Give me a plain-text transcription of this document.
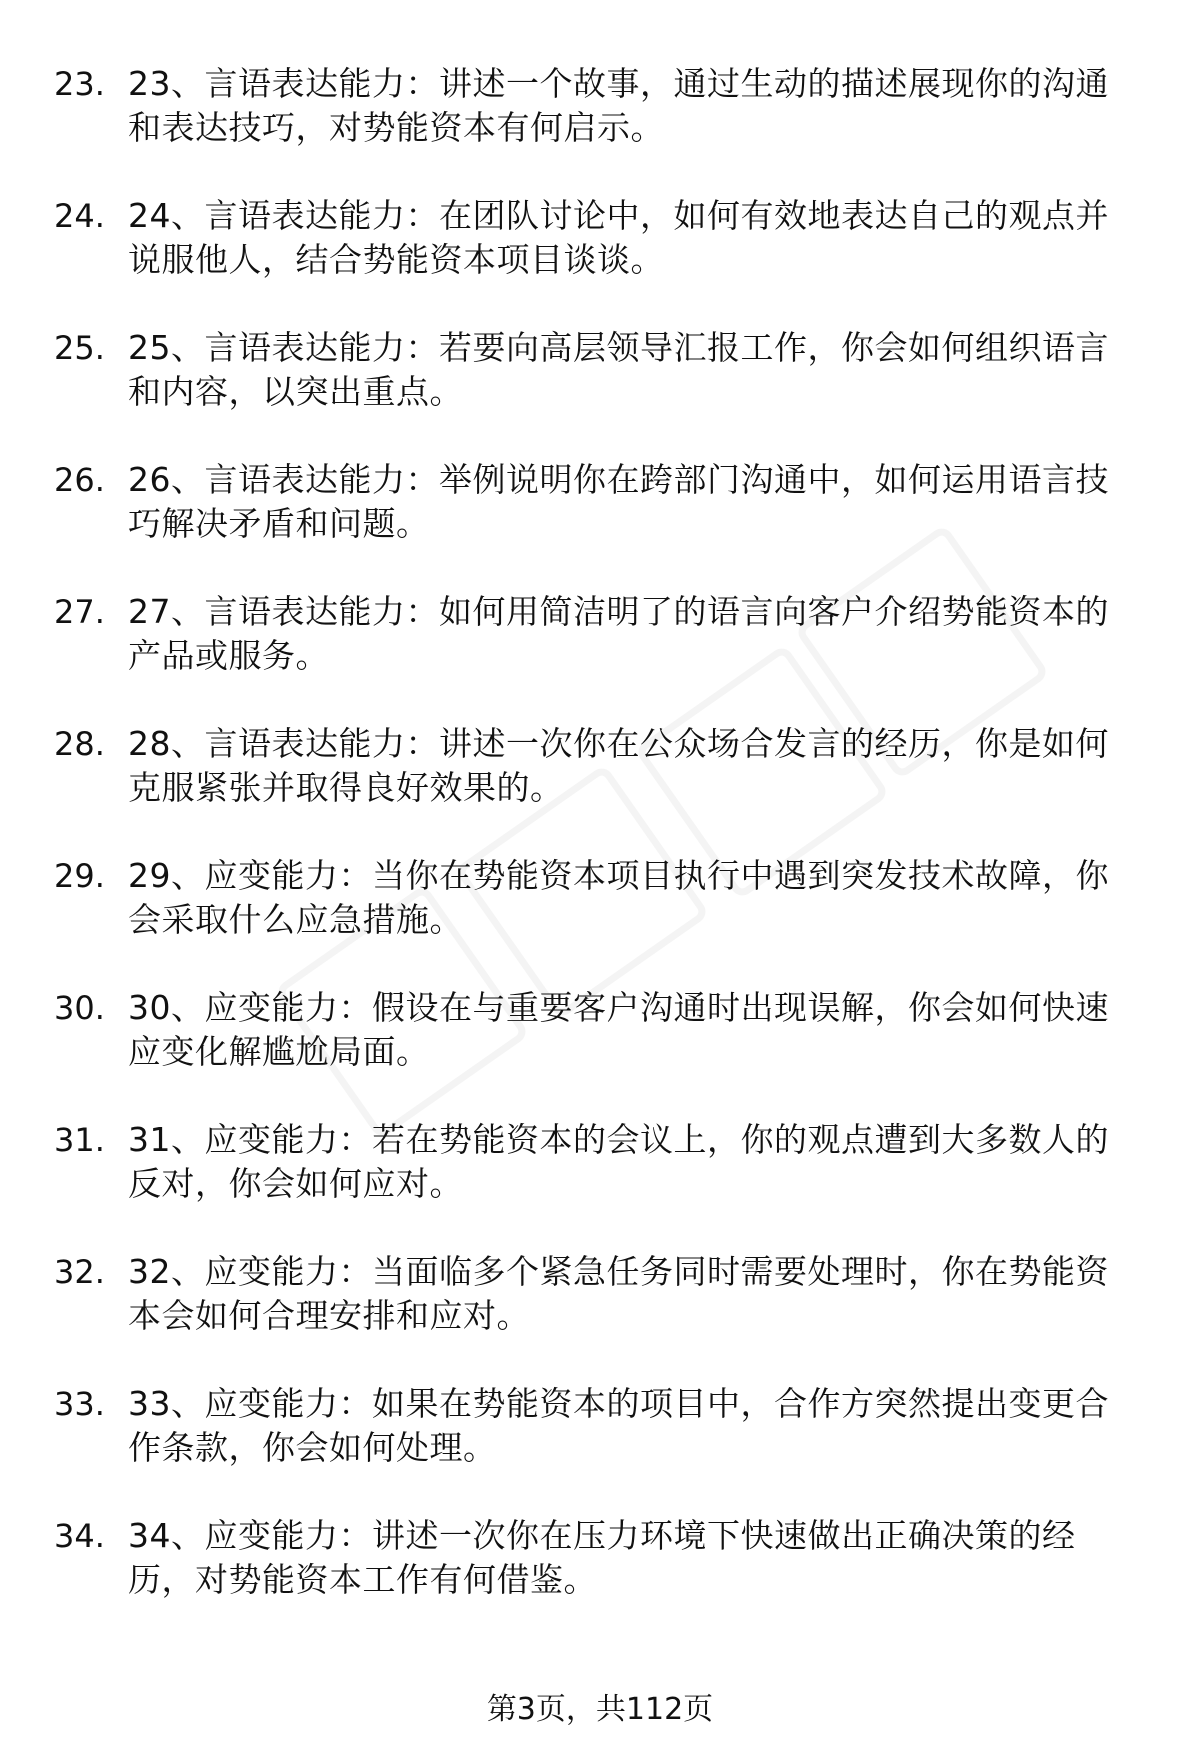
23. 23、言语表达能力：讲述一个故事，通过生动的描述展现你的沟通和表达技巧，对势能资本有何启示。
24. 24、言语表达能力：在团队讨论中，如何有效地表达自己的观点并说服他人，结合势能资本项目谈谈。
25. 25、言语表达能力：若要向高层领导汇报工作，你会如何组织语言和内容，以突出重点。
26. 26、言语表达能力：举例说明你在跨部门沟通中，如何运用语言技巧解决矛盾和问题。
27. 27、言语表达能力：如何用简洁明了的语言向客户介绍势能资本的产品或服务。
28. 28、言语表达能力：讲述一次你在公众场合发言的经历，你是如何克服紧张并取得良好效果的。
29. 29、应变能力：当你在势能资本项目执行中遇到突发技术故障，你会采取什么应急措施。
30. 30、应变能力：假设在与重要客户沟通时出现误解，你会如何快速应变化解尴尬局面。
31. 31、应变能力：若在势能资本的会议上，你的观点遭到大多数人的反对，你会如何应对。
32. 32、应变能力：当面临多个紧急任务同时需要处理时，你在势能资本会如何合理安排和应对。
33. 33、应变能力：如果在势能资本的项目中，合作方突然提出变更合作条款，你会如何处理。
34. 34、应变能力：讲述一次你在压力环境下快速做出正确决策的经历，对势能资本工作有何借鉴。
第3页，共112页
